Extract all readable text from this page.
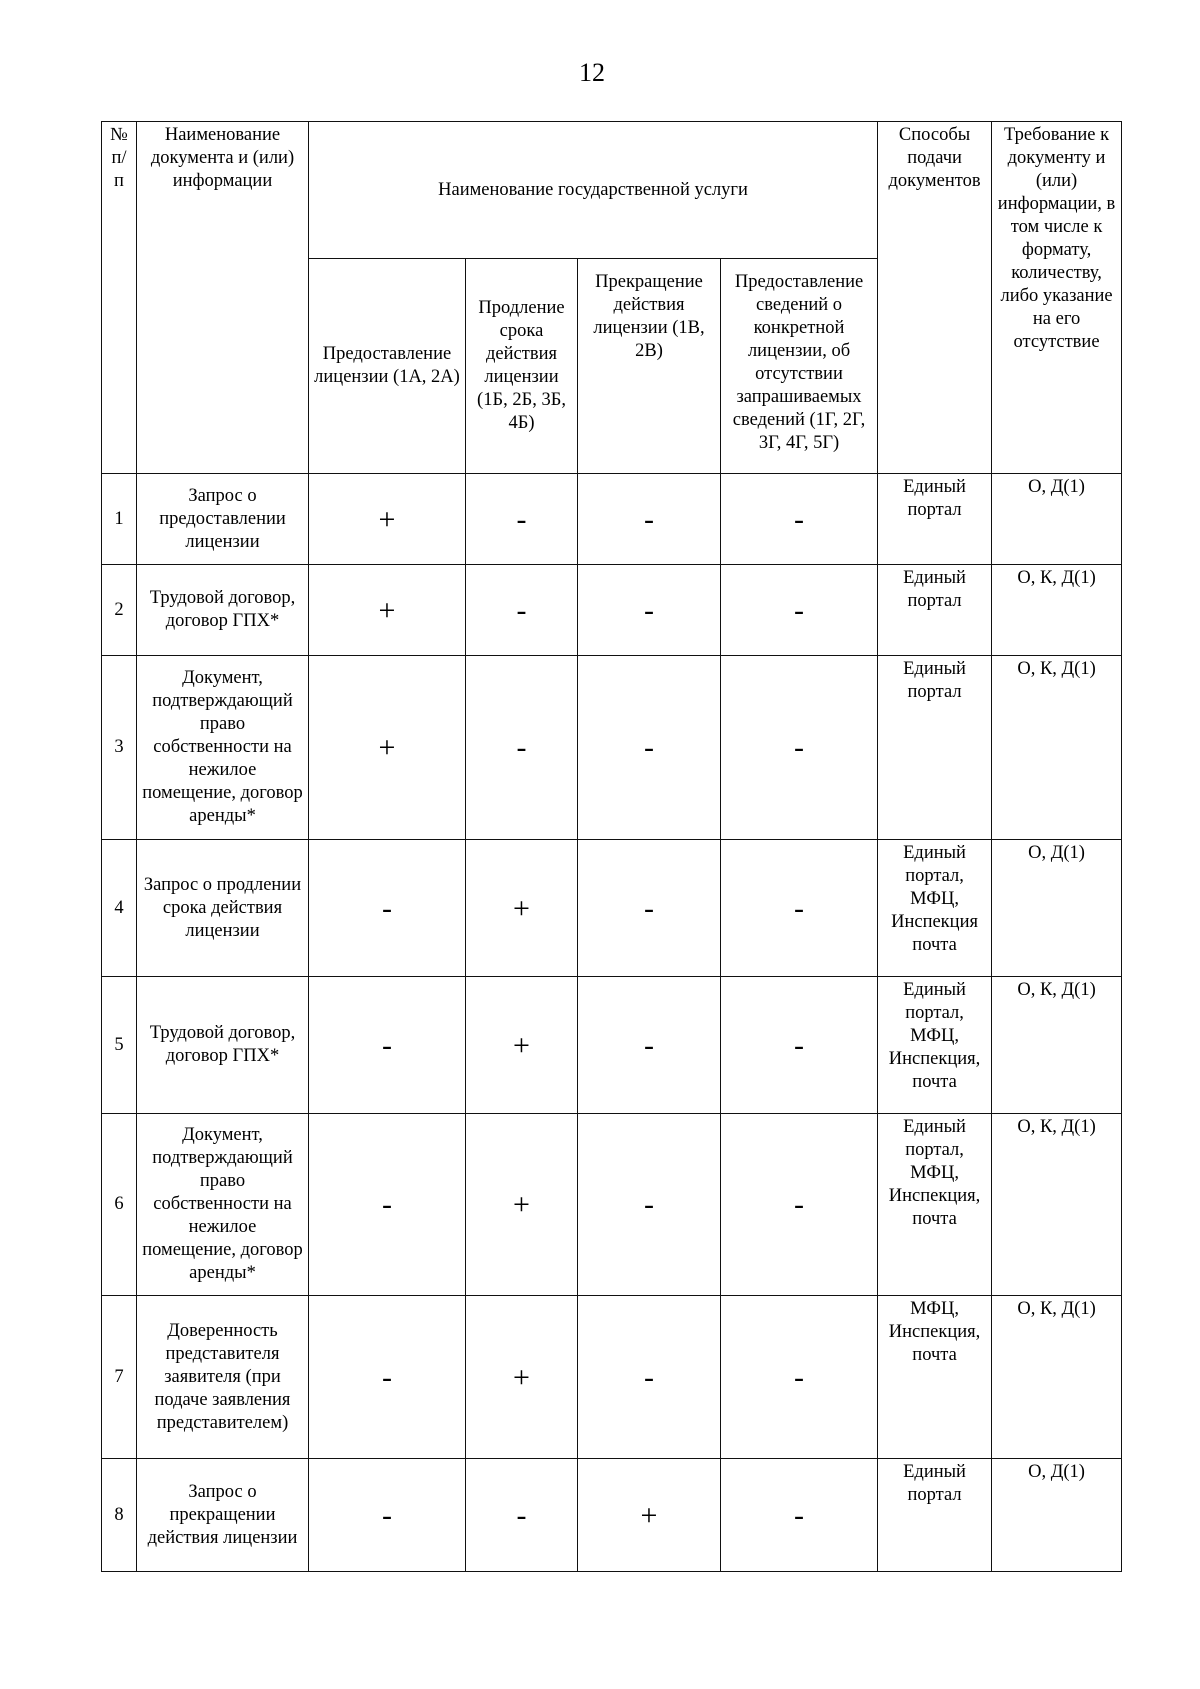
12
№ п/ п	Наименование документа и (или) информации	Наименование государственной услуги				Способы подачи документов	Требование к документу и (или) информации, в том числе к формату, количеству, либо указание на его отсутствие
		Предоставление лицензии (1А, 2А)	Продление срока действия лицензии (1Б, 2Б, 3Б, 4Б)	Прекращение действия лицензии (1В, 2В)	Предоставление сведений о конкретной лицензии, об отсутствии запрашиваемых сведений (1Г, 2Г, 3Г, 4Г, 5Г)		
1	Запрос о предоставлении лицензии	+	-	-	-	Единый портал	О, Д(1)
2	Трудовой договор, договор ГПХ*	+	-	-	-	Единый портал	О, К, Д(1)
3	Документ, подтверждающий право собственности на нежилое помещение, договор аренды*	+	-	-	-	Единый портал	О, К, Д(1)
4	Запрос о продлении срока действия лицензии	-	+	-	-	Единый портал, МФЦ, Инспекция почта	О, Д(1)
5	Трудовой договор, договор ГПХ*	-	+	-	-	Единый портал, МФЦ, Инспекция, почта	О, К, Д(1)
6	Документ, подтверждающий право собственности на нежилое помещение, договор аренды*	-	+	-	-	Единый портал, МФЦ, Инспекция, почта	О, К, Д(1)
7	Доверенность представителя заявителя (при подаче заявления представителем)	-	+	-	-	МФЦ, Инспекция, почта	О, К, Д(1)
8	Запрос о прекращении действия лицензии	-	-	+	-	Единый портал	О, Д(1)
